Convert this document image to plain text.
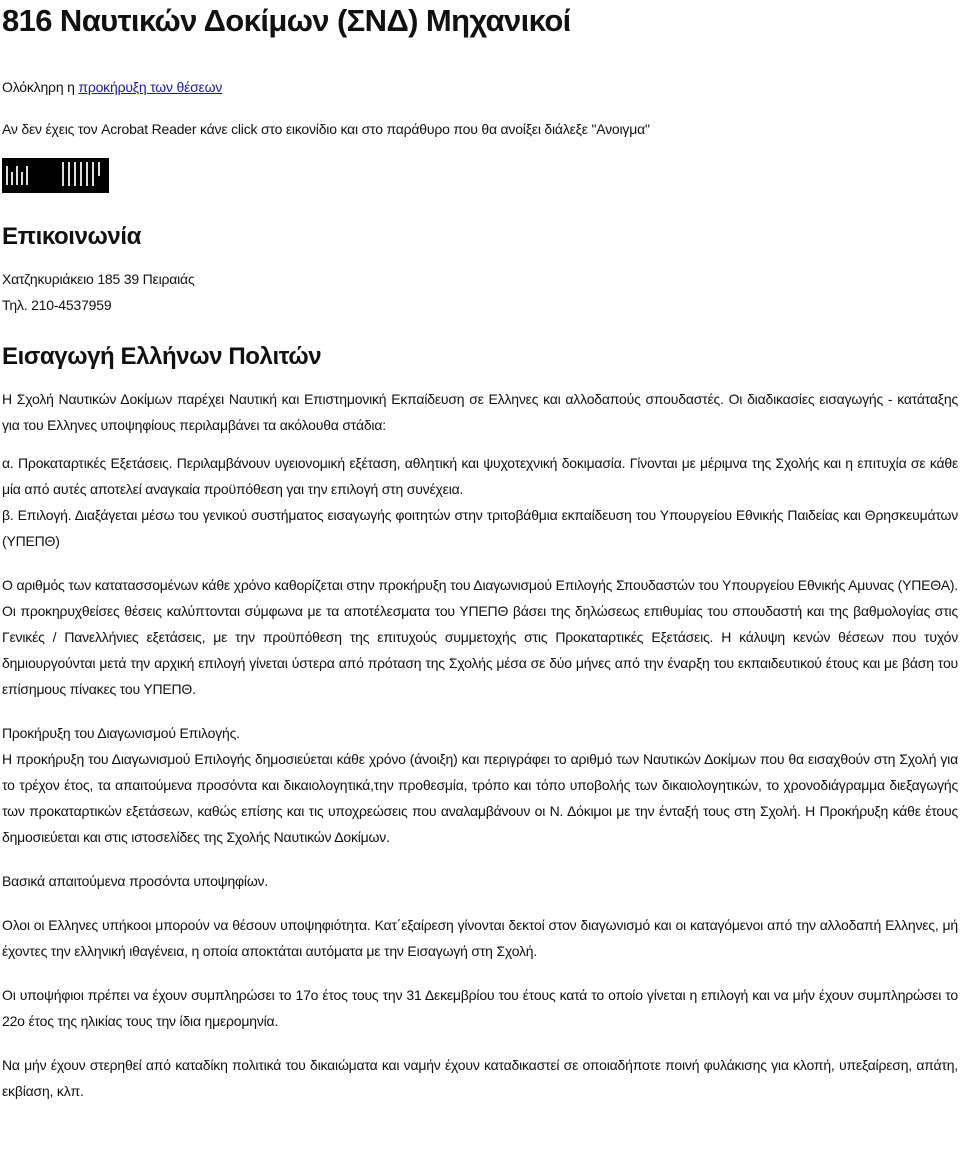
816 Ναυτικών Δοκίμων (ΣΝΔ) Μηχανικοί

Ολόκληρη η προκήρυξη των θέσεων

Αν δεν έχεις τον Acrobat Reader κάνε click στο εικονίδιο και στο παράθυρο που θα ανοίξει διάλεξε "Ανοιγμα"

Επικοινωνία

Χατζηκυριάκειο 185 39 Πειραιάς

Τηλ. 210-4537959

Εισαγωγή Ελλήνων Πολιτών

Η Σχολή Ναυτικών Δοκίμων παρέχει Ναυτική και Επιστημονική Εκπαίδευση σε Ελληνες και αλλοδαπούς σπουδαστές. Οι διαδικασίες εισαγωγής - κατάταξης για του Ελληνες υποψηφίους περιλαμβάνει τα ακόλουθα στάδια:

α. Προκαταρτικές Εξετάσεις. Περιλαμβάνουν υγειονομική εξέταση, αθλητική και ψυχοτεχνική δοκιμασία. Γίνονται με μέριμνα της Σχολής και η επιτυχία σε κάθε μία από αυτές αποτελεί αναγκαία προϋπόθεση γαι την επιλογή στη συνέχεια.

β. Επιλογή. Διαξάγεται μέσω του γενικού συστήματος εισαγωγής φοιτητών στην τριτοβάθμια εκπαίδευση του Υπουργείου Εθνικής Παιδείας και Θρησκευμάτων (ΥΠΕΠΘ)

Ο αριθμός των κατατασσομένων κάθε χρόνο καθορίζεται στην προκήρυξη του Διαγωνισμού Επιλογής Σπουδαστών του Υπουργείου Εθνικής Αμυνας (ΥΠΕΘΑ). Οι προκηρυχθείσες θέσεις καλύπτονται σύμφωνα με τα αποτέλεσματα του ΥΠΕΠΘ βάσει της δηλώσεως επιθυμίας του σπουδαστή και της βαθμολογίας στις Γενικές / Πανελλήνιες εξετάσεις, με την προϋπόθεση της επιτυχούς συμμετοχής στις Προκαταρτικές Εξετάσεις. Η κάλυψη κενών θέσεων που τυχόν δημιουργούνται μετά την αρχική επιλογή γίνεται ύστερα από πρόταση της Σχολής μέσα σε δύο μήνες από την έναρξη του εκπαιδευτικού έτους και με βάση του επίσημους πίνακες του ΥΠΕΠΘ.

Προκήρυξη του Διαγωνισμού Επιλογής.

Η προκήρυξη του Διαγωνισμού Επιλογής δημοσιεύεται κάθε χρόνο (άνοιξη) και περιγράφει το αριθμό των Ναυτικών Δοκίμων που θα εισαχθούν στη Σχολή για το τρέχον έτος, τα απαιτούμενα προσόντα και δικαιολογητικά,την προθεσμία, τρόπο και τόπο υποβολής των δικαιολογητικών, το χρονοδιάγραμμα διεξαγωγής των προκαταρτικών εξετάσεων, καθώς επίσης και τις υποχρεώσεις που αναλαμβάνουν οι Ν. Δόκιμοι με την ένταξή τους στη Σχολή. Η Προκήρυξη κάθε έτους δημοσιεύεται και στις ιστοσελίδες της Σχολής Ναυτικών Δοκίμων.

Βασικά απαιτούμενα προσόντα υποψηφίων.

Ολοι οι Ελληνες υπήκοοι μπορούν να θέσουν υποψηφιότητα. Κατ΄εξαίρεση γίνονται δεκτοί στον διαγωνισμό και οι καταγόμενοι από την αλλοδαπή Ελληνες, μή έχοντες την ελληνική ιθαγένεια, η οποία αποκτάται αυτόματα με την Εισαγωγή στη Σχολή.

Οι υποψήφιοι πρέπει να έχουν συμπληρώσει το 17ο έτος τους την 31 Δεκεμβρίου του έτους κατά το οποίο γίνεται η επιλογή και να μήν έχουν συμπληρώσει το 22ο έτος της ηλικίας τους την ίδια ημερομηνία.

Να μήν έχουν στερηθεί από καταδίκη πολιτικά του δικαιώματα και ναμήν έχουν καταδικαστεί σε οποιαδήποτε ποινή φυλάκισης για κλοπή, υπεξαίρεση, απάτη, εκβίαση, κλπ.
